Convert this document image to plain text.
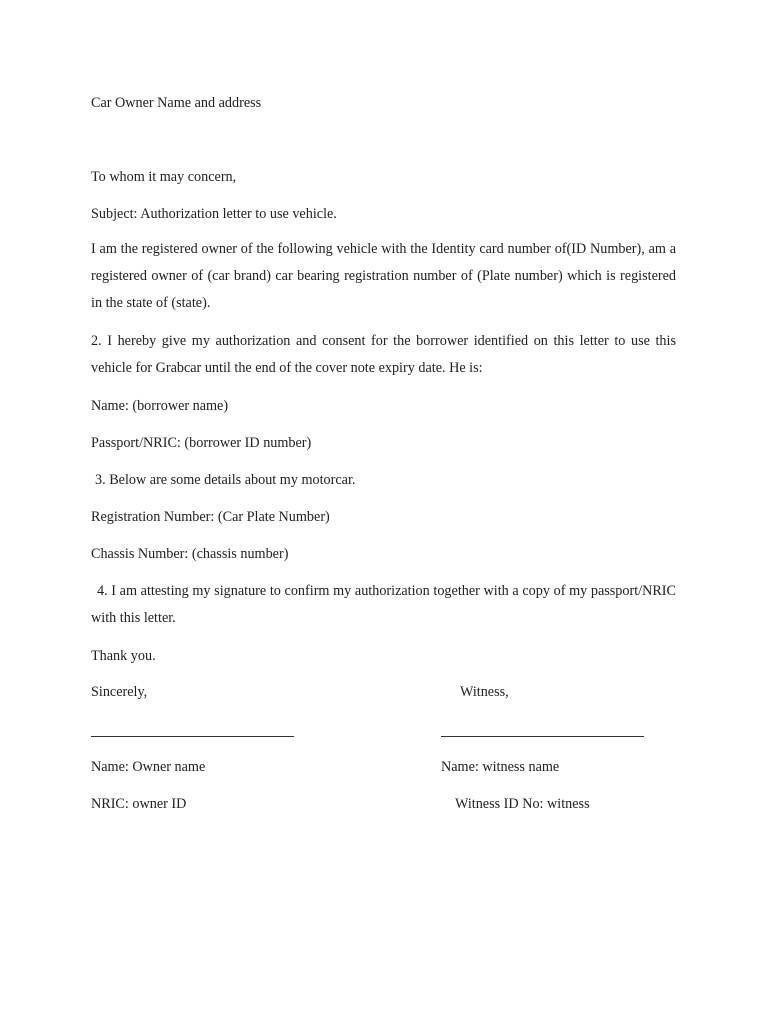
Car Owner Name and address
To whom it may concern,
Subject: Authorization letter to use vehicle.
I am the registered owner of the following vehicle with the Identity card number of(ID Number), am a registered owner of (car brand) car bearing registration number of (Plate number) which is registered in the state of (state).
2. I hereby give my authorization and consent for the borrower identified on this letter to use this vehicle for Grabcar until the end of the cover note expiry date. He is:
Name: (borrower name)
Passport/NRIC: (borrower ID number)
3. Below are some details about my motorcar.
Registration Number: (Car Plate Number)
Chassis Number: (chassis number)
4. I am attesting my signature to confirm my authorization together with a copy of my passport/NRIC with this letter.
Thank you.
Sincerely,	Witness,
Name: Owner name	Name: witness name
NRIC: owner ID	Witness ID No: witness
